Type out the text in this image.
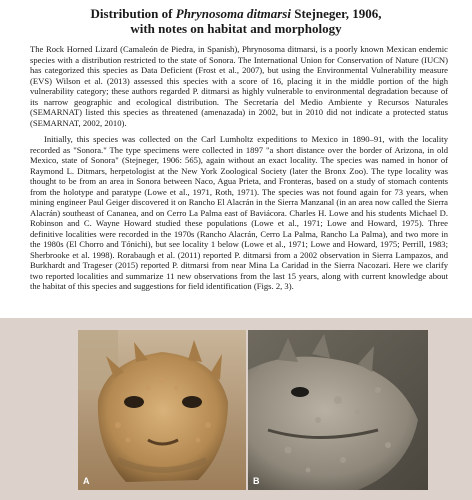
Distribution of Phrynosoma ditmarsi Stejneger, 1906,
with notes on habitat and morphology

The Rock Horned Lizard (Camaleón de Piedra, in Spanish), Phrynosoma ditmarsi, is a poorly known Mexican endemic species with a distribution restricted to the state of Sonora. The International Union for Conservation of Nature (IUCN) has categorized this species as Data Deficient (Frost et al., 2007), but using the Environmental Vulnerability measure (EVS) Wilson et al. (2013) assessed this species with a score of 16, placing it in the middle portion of the high vulnerability category; these authors regarded P. ditmarsi as highly vulnerable to environmental degradation because of its narrow geographic and ecological distribution. The Secretaría del Medio Ambiente y Recursos Naturales (SEMARNAT) listed this species as threatened (amenazada) in 2002, but in 2010 did not indicate a protected status (SEMARNAT, 2002, 2010).

Initially, this species was collected on the Carl Lumholtz expeditions to Mexico in 1890–91, with the locality recorded as "Sonora." The type specimens were collected in 1897 "a short distance over the border of Arizona, in old Mexico, state of Sonora" (Stejneger, 1906: 565), again without an exact locality. The species was named in honor of Raymond L. Ditmars, herpetologist at the New York Zoological Society (later the Bronx Zoo). The type locality was thought to be from an area in Sonora between Naco, Agua Prieta, and Fronteras, based on a study of stomach contents from the holotype and paratype (Lowe et al., 1971, Roth, 1971). The species was not found again for 73 years, when mining engineer Paul Geiger discovered it on Rancho El Alacrán in the Sierra Manzanal (in an area now called the Sierra Alacrán) southeast of Cananea, and on Cerro La Palma east of Baviácora. Charles H. Lowe and his students Michael D. Robinson and C. Wayne Howard studied these populations (Lowe et al., 1971; Lowe and Howard, 1975). Three definitive localities were recorded in the 1970s (Rancho Alacrán, Cerro La Palma, Rancho La Palma), and two more in the 1980s (El Chorro and Tónichi), but see locality 1 below (Lowe et al., 1971; Lowe and Howard, 1975; Perrill, 1983; Sherbrooke et al. 1998). Rorabaugh et al. (2011) reported P. ditmarsi from a 2002 observation in Sierra Lampazos, and Burkhardt and Trageser (2015) reported P. ditmarsi from near Mina La Caridad in the Sierra Nacozari. Here we clarify two reported localities and summarize 11 new observations from the last 15 years, along with current knowledge about the habitat of this species and suggestions for field identification (Figs. 2, 3).

A	B
